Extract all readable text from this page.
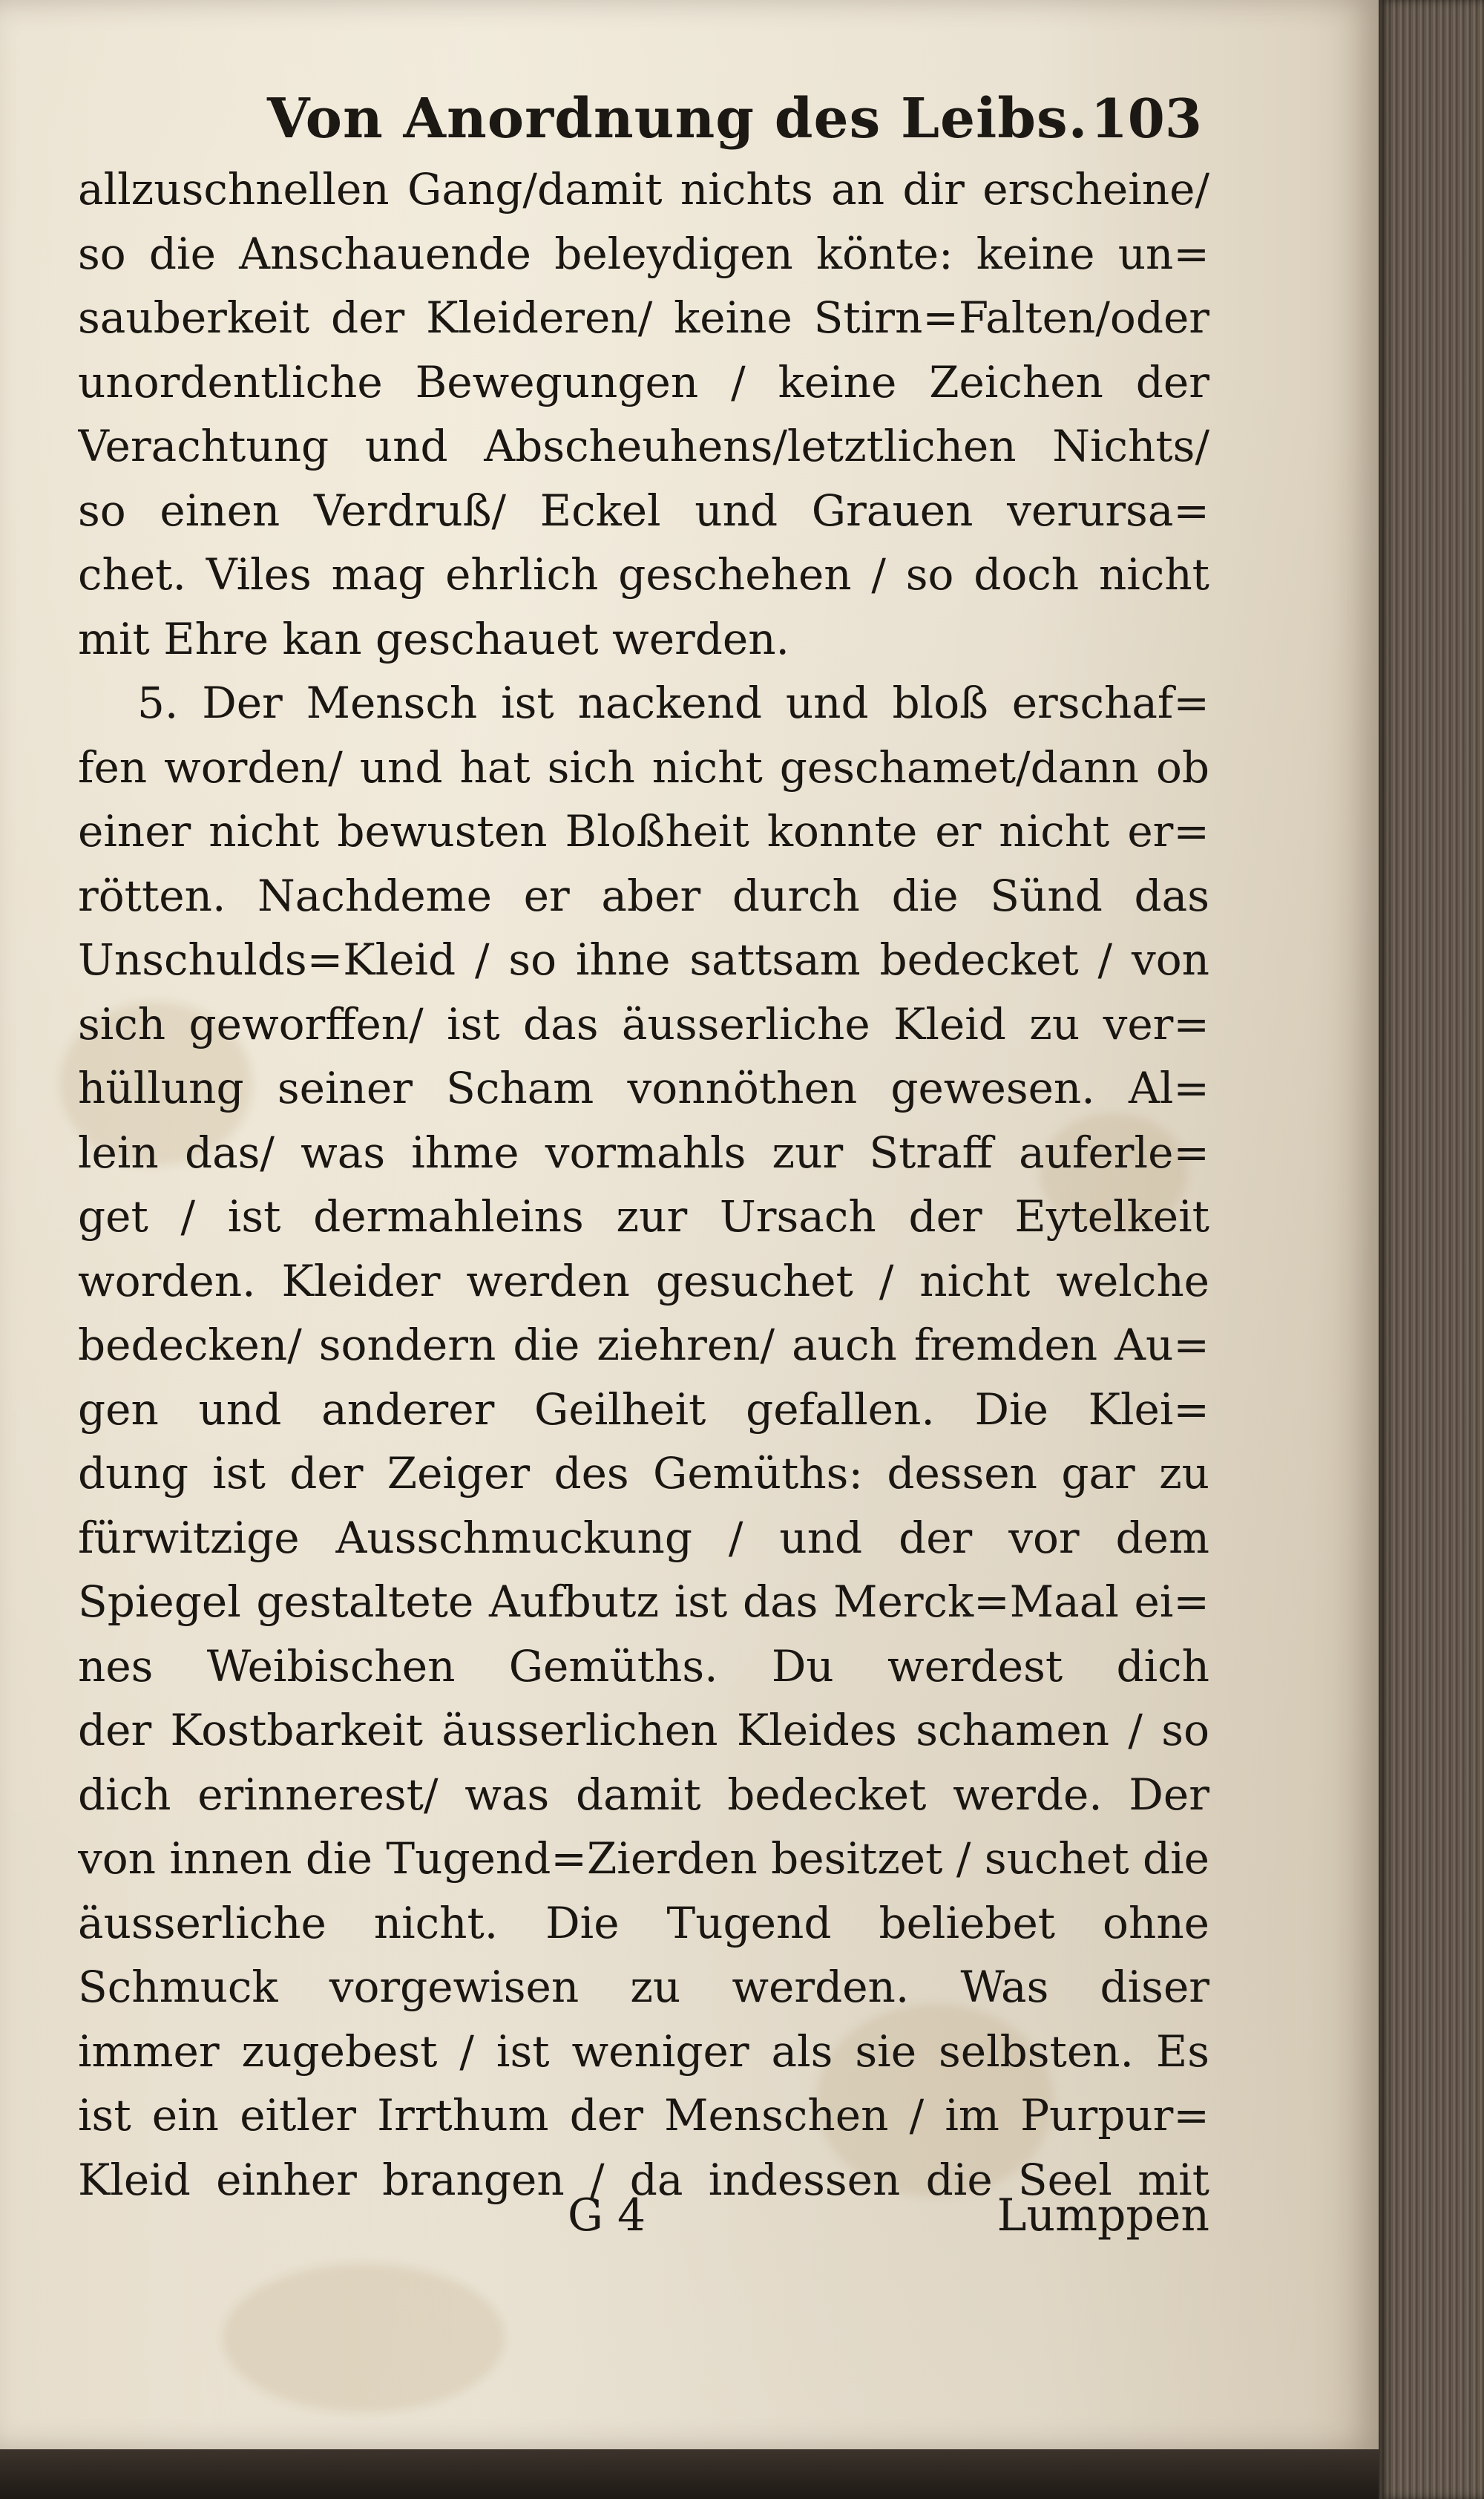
Von Anordnung des Leibs. 103
allzuschnellen Gang/damit nichts an dir erscheine/
so die Anschauende beleydigen könte: keine un=
sauberkeit der Kleideren/ keine Stirn=Falten/oder
unordentliche Bewegungen / keine Zeichen der
Verachtung und Abscheuhens/letztlichen Nichts/
so einen Verdruß/ Eckel und Grauen verursa=
chet. Viles mag ehrlich geschehen / so doch nicht
mit Ehre kan geschauet werden.
5. Der Mensch ist nackend und bloß erschaf=
fen worden/ und hat sich nicht geschamet/dann ob
einer nicht bewusten Bloßheit konnte er nicht er=
rötten. Nachdeme er aber durch die Sünd das
Unschulds=Kleid / so ihne sattsam bedecket / von
sich geworffen/ ist das äusserliche Kleid zu ver=
hüllung seiner Scham vonnöthen gewesen. Al=
lein das/ was ihme vormahls zur Straff auferle=
get / ist dermahleins zur Ursach der Eytelkeit
worden. Kleider werden gesuchet / nicht welche
bedecken/ sondern die ziehren/ auch fremden Au=
gen und anderer Geilheit gefallen. Die Klei=
dung ist der Zeiger des Gemüths: dessen gar zu
fürwitzige Ausschmuckung / und der vor dem
Spiegel gestaltete Aufbutz ist das Merck=Maal ei=
nes Weibischen Gemüths. Du werdest dich
der Kostbarkeit äusserlichen Kleides schamen / so
dich erinnerest/ was damit bedecket werde. Der
von innen die Tugend=Zierden besitzet / suchet die
äusserliche nicht. Die Tugend beliebet ohne
Schmuck vorgewisen zu werden. Was diser
immer zugebest / ist weniger als sie selbsten. Es
ist ein eitler Irrthum der Menschen / im Purpur=
Kleid einher brangen / da indessen die Seel mit
G 4	Lumppen
